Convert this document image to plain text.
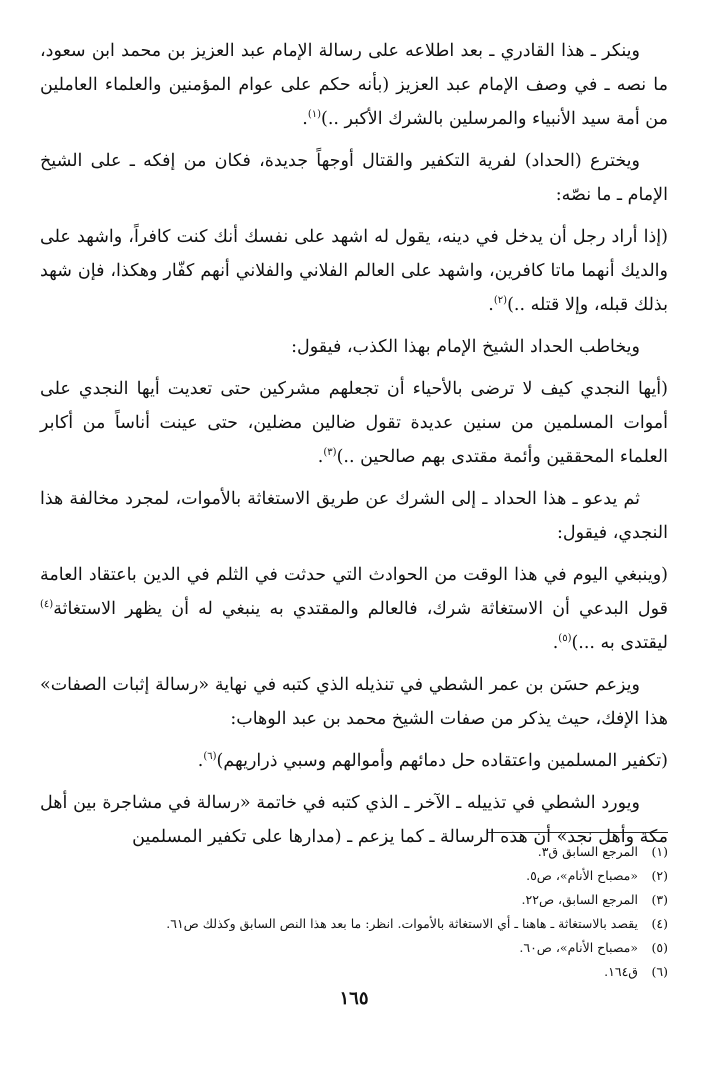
وينكر ـ هذا القادري ـ بعد اطلاعه على رسالة الإمام عبد العزيز بن محمد ابن سعود، ما نصه ـ في وصف الإمام عبد العزيز (بأنه حكم على عوام المؤمنين والعلماء العاملين من أمة سيد الأنبياء والمرسلين بالشرك الأكبر ..)$^{(١)}$.

ويخترع (الحداد) لفرية التكفير والقتال أوجهاً جديدة، فكان من إفكه ـ على الشيخ الإمام ـ ما نصّه:

(إذا أراد رجل أن يدخل في دينه، يقول له اشهد على نفسك أنك كنت كافراً، واشهد على والديك أنهما ماتا كافرين، واشهد على العالم الفلاني والفلاني أنهم كفّار وهكذا، فإن شهد بذلك قبله، وإلا قتله ..)$^{(٢)}$.

ويخاطب الحداد الشيخ الإمام بهذا الكذب، فيقول:

(أيها النجدي كيف لا ترضى بالأحياء أن تجعلهم مشركين حتى تعديت أيها النجدي على أموات المسلمين من سنين عديدة تقول ضالين مضلين، حتى عينت أناساً من أكابر العلماء المحققين وأئمة مقتدى بهم صالحين ..)$^{(٣)}$.

ثم يدعو ـ هذا الحداد ـ إلى الشرك عن طريق الاستغاثة بالأموات، لمجرد مخالفة هذا النجدي، فيقول:

(وينبغي اليوم في هذا الوقت من الحوادث التي حدثت في الثلم في الدين باعتقاد العامة قول البدعي أن الاستغاثة شرك، فالعالم والمقتدي به ينبغي له أن يظهر الاستغاثة$^{(٤)}$ ليقتدى به ...)$^{(٥)}$.

ويزعم حسَن بن عمر الشطي في تنذيله الذي كتبه في نهاية «رسالة إثبات الصفات» هذا الإفك، حيث يذكر من صفات الشيخ محمد بن عبد الوهاب:

(تكفير المسلمين واعتقاده حل دمائهم وأموالهم وسبي ذراريهم)$^{(٦)}$.

ويورد الشطي في تذييله ـ الآخر ـ الذي كتبه في خاتمة «رسالة في مشاجرة بين أهل مكة وأهل نجد» أن هذه الرسالة ـ كما يزعم ـ (مدارها على تكفير المسلمين

(١)
المرجع السابق ق٣.
(٢)
«مصباح الأنام»، ص٥.
(٣)
المرجع السابق، ص٢٢.
(٤)
يقصد بالاستغاثة ـ هاهنا ـ أي الاستغاثة بالأموات. انظر: ما بعد هذا النص السابق وكذلك ص٦١.
(٥)
«مصباح الأنام»، ص٦٠.
(٦)
ق١٦٤.
١٦٥
